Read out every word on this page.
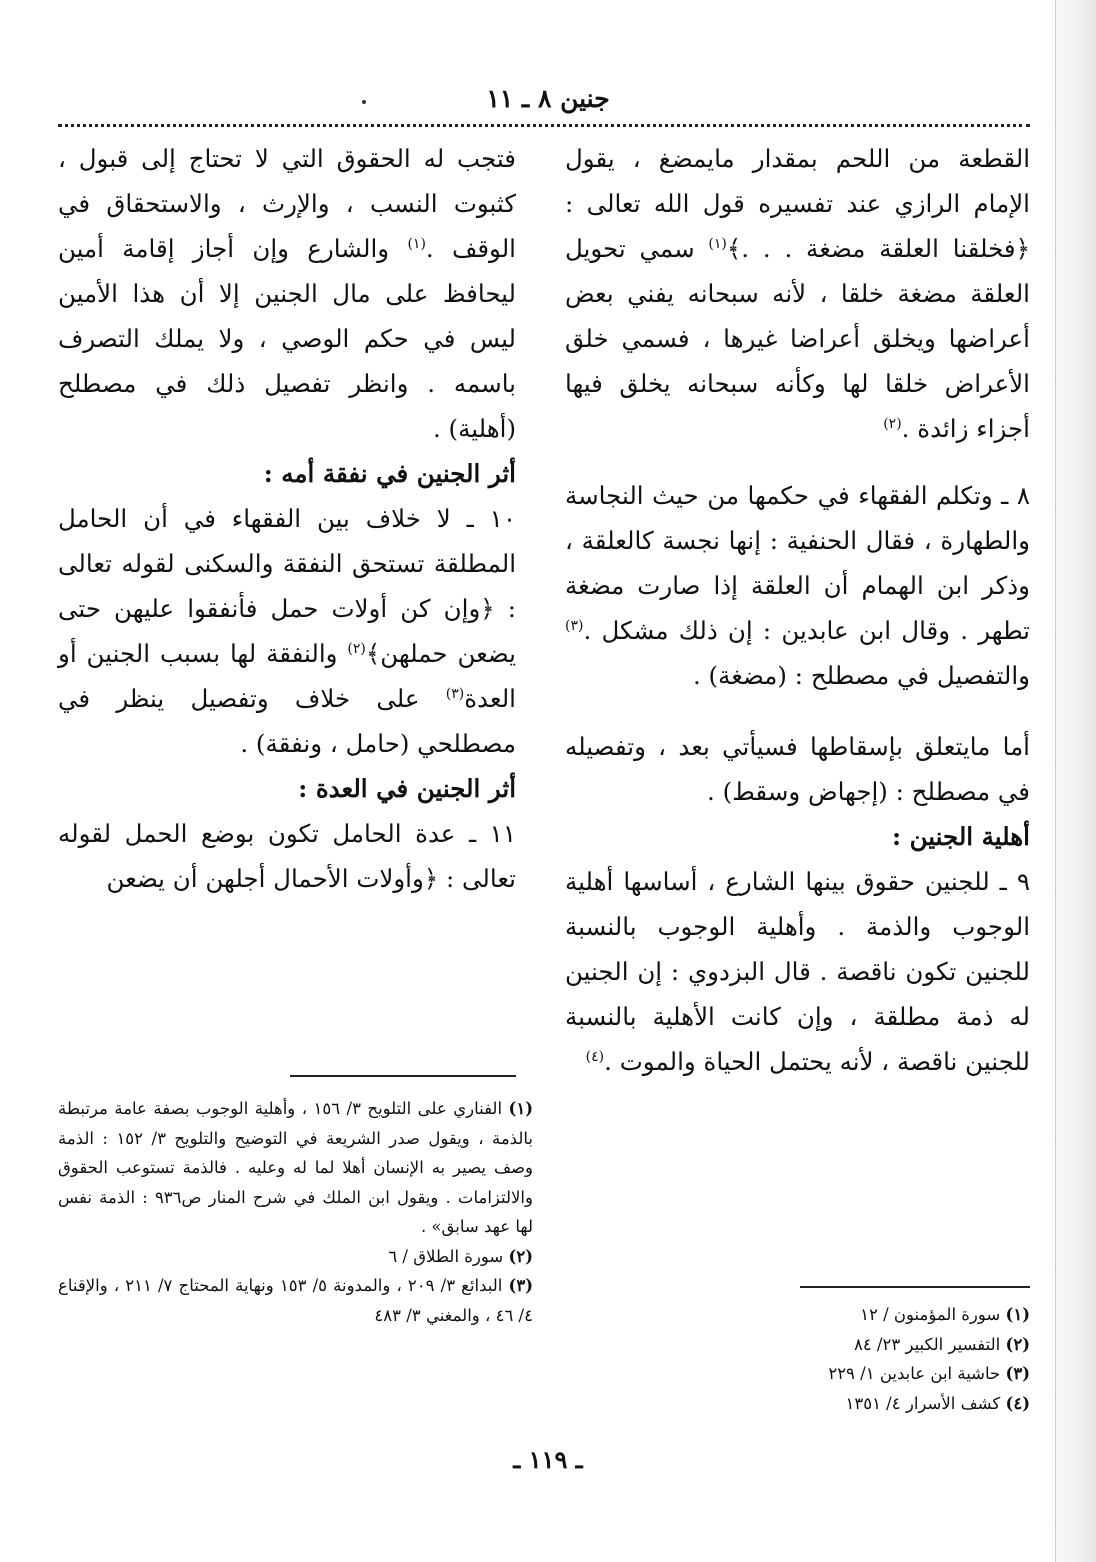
جنين ٨ ـ ١١

القطعة من اللحم بمقدار مايمضغ ، يقول الإمام الرازي عند تفسيره قول الله تعالى : ﴿فخلقنا العلقة مضغة . . .﴾$^{(١)}$ سمي تحويل العلقة مضغة خلقا ، لأنه سبحانه يفني بعض أعراضها ويخلق أعراضا غيرها ، فسمي خلق الأعراض خلقا لها وكأنه سبحانه يخلق فيها أجزاء زائدة .$^{(٢)}$

٨ ـ وتكلم الفقهاء في حكمها من حيث النجاسة والطهارة ، فقال الحنفية : إنها نجسة كالعلقة ، وذكر ابن الهمام أن العلقة إذا صارت مضغة تطهر . وقال ابن عابدين : إن ذلك مشكل .$^{(٣)}$ والتفصيل في مصطلح : (مضغة) .

أما مايتعلق بإسقاطها فسيأتي بعد ، وتفصيله في مصطلح : (إجهاض وسقط) .

أهلية الجنين :

٩ ـ للجنين حقوق بينها الشارع ، أساسها أهلية الوجوب والذمة . وأهلية الوجوب بالنسبة للجنين تكون ناقصة . قال البزدوي : إن الجنين له ذمة مطلقة ، وإن كانت الأهلية بالنسبة للجنين ناقصة ، لأنه يحتمل الحياة والموت .$^{(٤)}$

فتجب له الحقوق التي لا تحتاج إلى قبول ، كثبوت النسب ، والإرث ، والاستحقاق في الوقف .$^{(١)}$ والشارع وإن أجاز إقامة أمين ليحافظ على مال الجنين إلا أن هذا الأمين ليس في حكم الوصي ، ولا يملك التصرف باسمه . وانظر تفصيل ذلك في مصطلح (أهلية) .

أثر الجنين في نفقة أمه :

١٠ ـ لا خلاف بين الفقهاء في أن الحامل المطلقة تستحق النفقة والسكنى لقوله تعالى : ﴿وإن كن أولات حمل فأنفقوا عليهن حتى يضعن حملهن﴾$^{(٢)}$ والنفقة لها بسبب الجنين أو العدة$^{(٣)}$ على خلاف وتفصيل ينظر في مصطلحي (حامل ، ونفقة) .

أثر الجنين في العدة :

١١ ـ عدة الحامل تكون بوضع الحمل لقوله تعالى : ﴿وأولات الأحمال أجلهن أن يضعن

(١) الفناري على التلويح ٣/ ١٥٦ ، وأهلية الوجوب بصفة عامة مرتبطة بالذمة ، ويقول صدر الشريعة في التوضيح والتلويح ٣/ ١٥٢ : الذمة وصف يصير به الإنسان أهلا لما له وعليه . فالذمة تستوعب الحقوق والالتزامات . ويقول ابن الملك في شرح المنار ص٩٣٦ : الذمة نفس لها عهد سابق» .

(٢) سورة الطلاق / ٦

(٣) البدائع ٣/ ٢٠٩ ، والمدونة ٥/ ١٥٣ ونهاية المحتاج ٧/ ٢١١ ، والإقناع ٤/ ٤٦ ، والمغني ٣/ ٤٨٣	(١) سورة المؤمنون / ١٢

(٢) التفسير الكبير ٢٣/ ٨٤

(٣) حاشية ابن عابدين ١/ ٢٢٩

(٤) كشف الأسرار ٤/ ١٣٥١

ـ ١١٩ ـ
